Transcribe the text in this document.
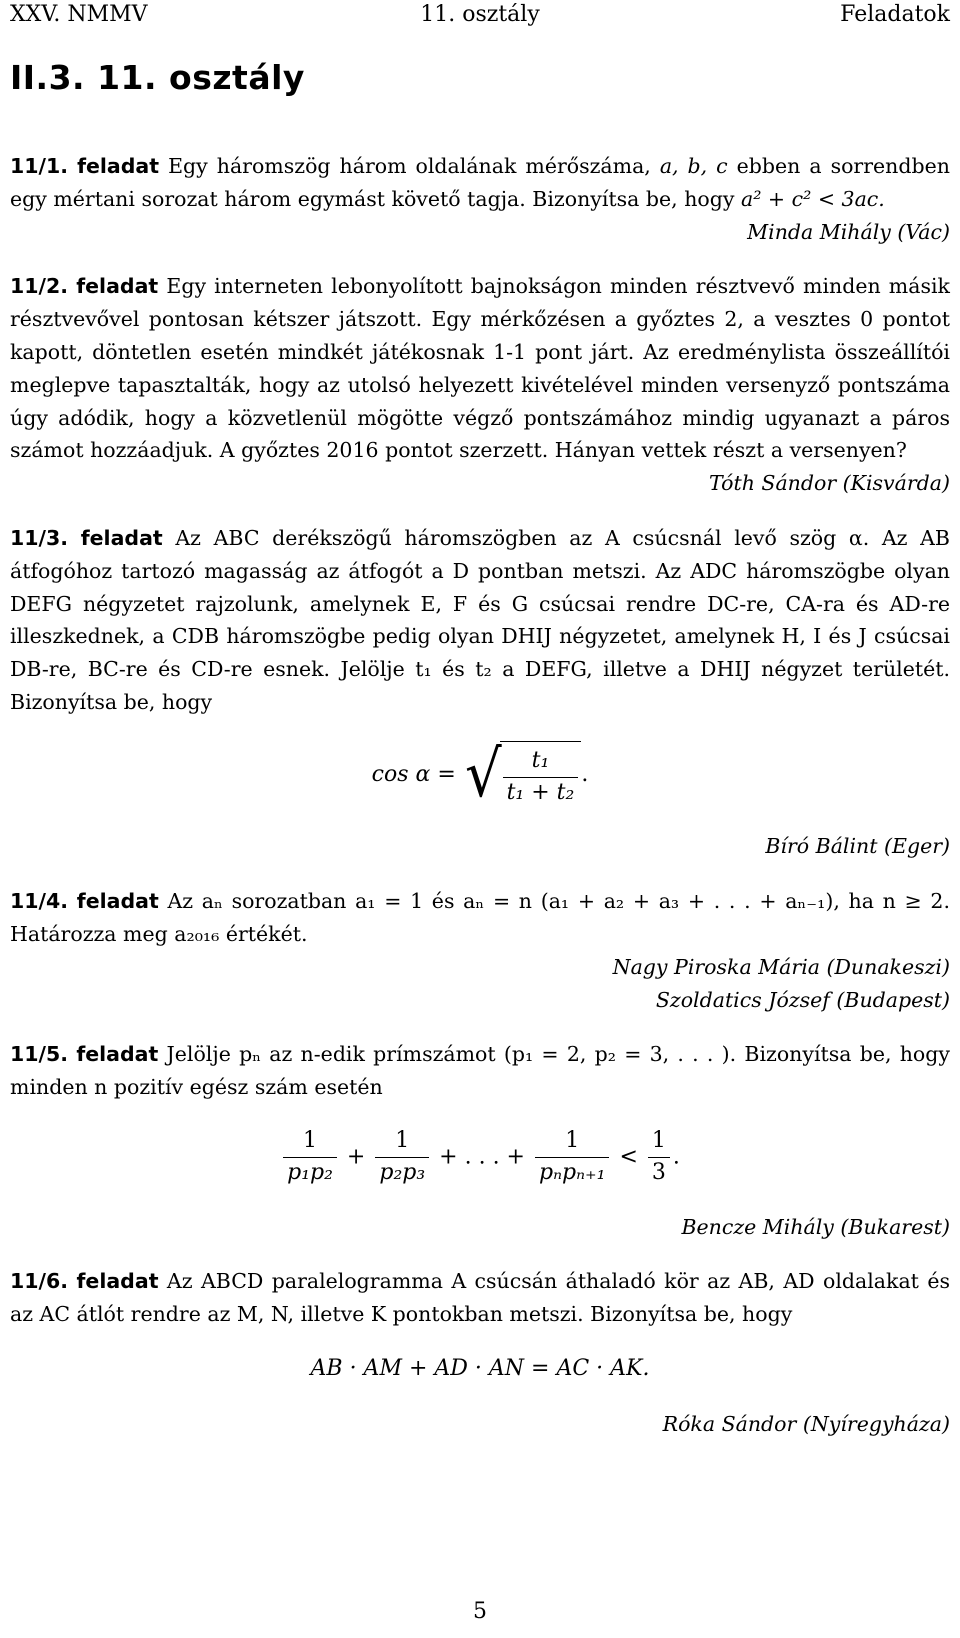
XXV. NMMV	11. osztály	Feladatok
II.3. 11. osztály

11/1. feladat Egy háromszög három oldalának mérőszáma, a, b, c ebben a sorrendben egy mértani sorozat három egymást követő tagja. Bizonyítsa be, hogy a² + c² < 3ac.

Minda Mihály (Vác)

11/2. feladat Egy interneten lebonyolított bajnokságon minden résztvevő minden másik résztvevővel pontosan kétszer játszott. Egy mérkőzésen a győztes 2, a vesztes 0 pontot kapott, döntetlen esetén mindkét játékosnak 1-1 pont járt. Az eredménylista összeállítói meglepve tapasztalták, hogy az utolsó helyezett kivételével minden versenyző pontszáma úgy adódik, hogy a közvetlenül mögötte végző pontszámához mindig ugyanazt a páros számot hozzáadjuk. A győztes 2016 pontot szerzett. Hányan vettek részt a versenyen?

Tóth Sándor (Kisvárda)

11/3. feladat Az ABC derékszögű háromszögben az A csúcsnál levő szög α. Az AB átfogóhoz tartozó magasság az átfogót a D pontban metszi. Az ADC háromszögbe olyan DEFG négyzetet rajzolunk, amelynek E, F és G csúcsai rendre DC-re, CA-ra és AD-re illeszkednek, a CDB háromszögbe pedig olyan DHIJ négyzetet, amelynek H, I és J csúcsai DB-re, BC-re és CD-re esnek. Jelölje t₁ és t₂ a DEFG, illetve a DHIJ négyzet területét. Bizonyítsa be, hogy

cos α = √ $\frac{\text{t₁}}{\text{t₁ + t₂}}$ .
Bíró Bálint (Eger)

11/4. feladat Az aₙ sorozatban a₁ = 1 és aₙ = n (a₁ + a₂ + a₃ + . . . + aₙ₋₁), ha n ≥ 2. Határozza meg a₂₀₁₆ értékét.

Nagy Piroska Mária (Dunakeszi)
Szoldatics József (Budapest)

11/5. feladat Jelölje pₙ az n-edik prímszámot (p₁ = 2, p₂ = 3, . . . ). Bizonyítsa be, hogy minden n pozitív egész szám esetén

$\frac{1}{\text{p₁p₂}} + \frac{1}{\text{p₂p₃}}$ + . . . + $\frac{1}{\text{pₙpₙ₊₁}} < \frac{1}{3}$ .
Bencze Mihály (Bukarest)

11/6. feladat Az ABCD paralelogramma A csúcsán áthaladó kör az AB, AD oldalakat és az AC átlót rendre az M, N, illetve K pontokban metszi. Bizonyítsa be, hogy

AB · AM + AD · AN = AC · AK.
Róka Sándor (Nyíregyháza)
5
